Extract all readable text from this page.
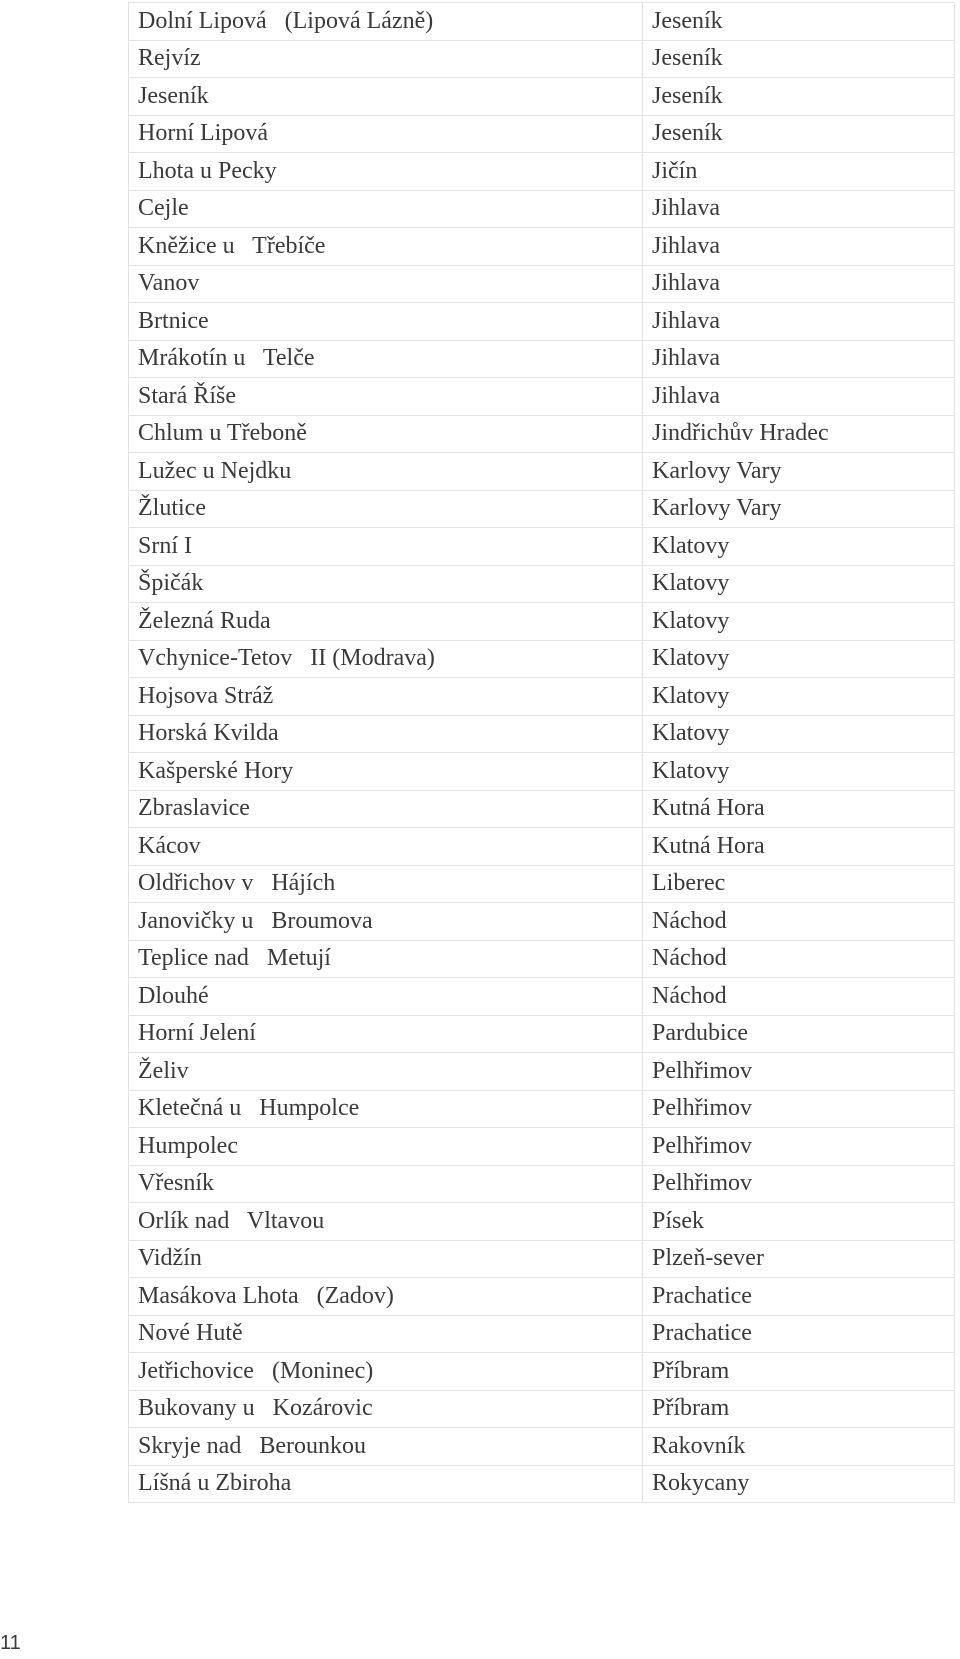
Dolní Lipová   (Lipová Lázně)	Jeseník
Rejvíz	Jeseník
Jeseník	Jeseník
Horní Lipová	Jeseník
Lhota u Pecky	Jičín
Cejle	Jihlava
Kněžice u   Třebíče	Jihlava
Vanov	Jihlava
Brtnice	Jihlava
Mrákotín u   Telče	Jihlava
Stará Říše	Jihlava
Chlum u Třeboně	Jindřichův Hradec
Lužec u Nejdku	Karlovy Vary
Žlutice	Karlovy Vary
Srní I	Klatovy
Špičák	Klatovy
Železná Ruda	Klatovy
Vchynice-Tetov   II (Modrava)	Klatovy
Hojsova Stráž	Klatovy
Horská Kvilda	Klatovy
Kašperské Hory	Klatovy
Zbraslavice	Kutná Hora
Kácov	Kutná Hora
Oldřichov v   Hájích	Liberec
Janovičky u   Broumova	Náchod
Teplice nad   Metují	Náchod
Dlouhé	Náchod
Horní Jelení	Pardubice
Želiv	Pelhřimov
Kletečná u   Humpolce	Pelhřimov
Humpolec	Pelhřimov
Vřesník	Pelhřimov
Orlík nad   Vltavou	Písek
Vidžín	Plzeň-sever
Masákova Lhota   (Zadov)	Prachatice
Nové Hutě	Prachatice
Jetřichovice   (Moninec)	Příbram
Bukovany u   Kozárovic	Příbram
Skryje nad   Berounkou	Rakovník
Líšná u Zbiroha	Rokycany
11
